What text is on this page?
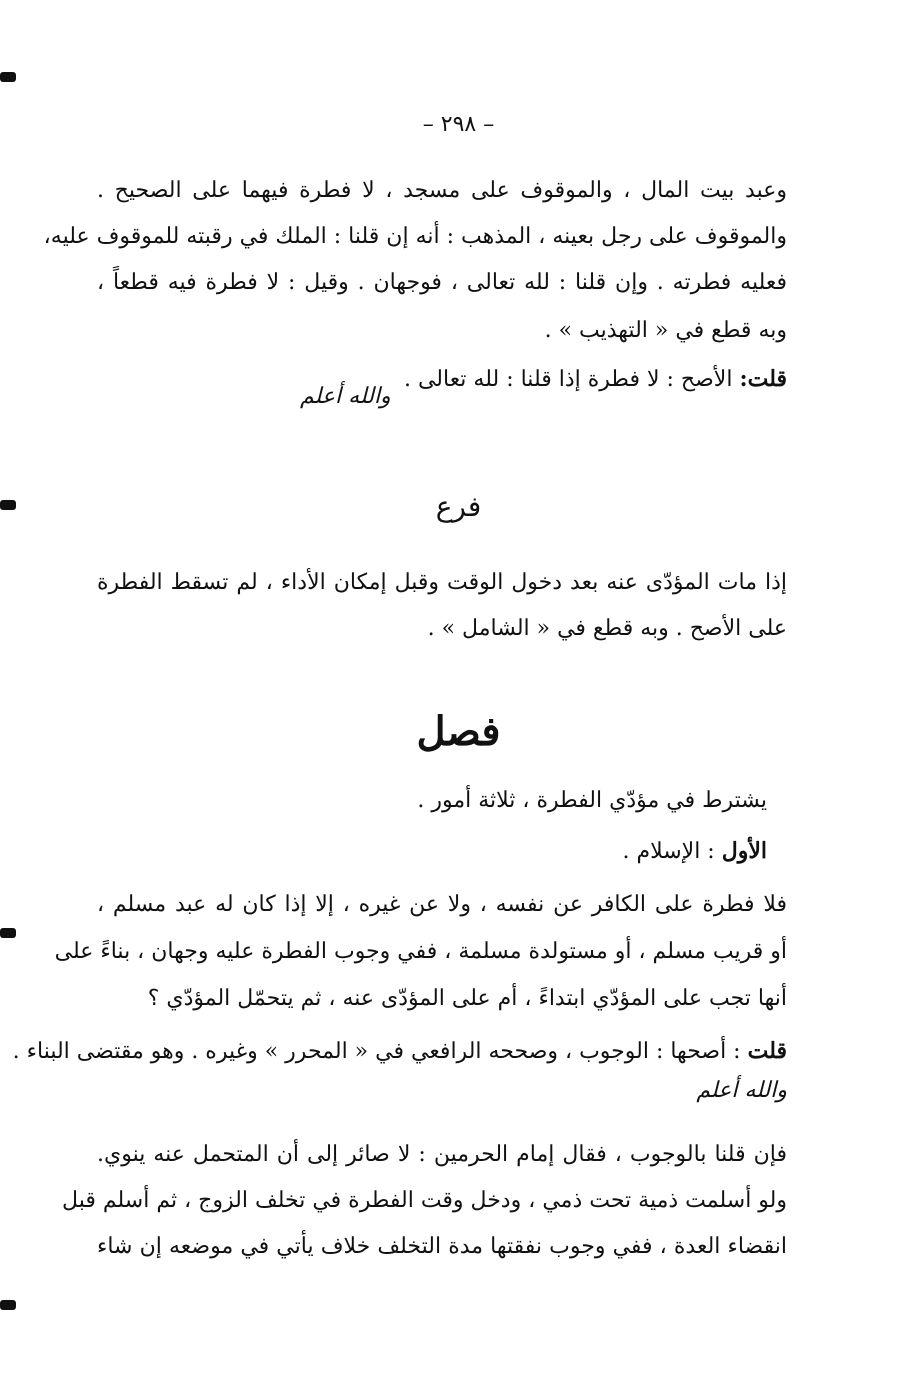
– ٢٩٨ –
وعبد بيت المال ، والموقوف على مسجد ، لا فطرة فيهما على الصحيح .
والموقوف على رجل بعينه ، المذهب : أنه إن قلنا : الملك في رقبته للموقوف عليه،
فعليه فطرته . وإن قلنا : لله تعالى ، فوجهان . وقيل : لا فطرة فيه قطعاً ،
وبه قطع في « التهذيب » .
قلت: الأصح : لا فطرة إذا قلنا : لله تعالى .
والله أعلم
فرع
إذا مات المؤدّى عنه بعد دخول الوقت وقبل إمكان الأداء ، لم تسقط الفطرة
على الأصح . وبه قطع في « الشامل » .
فصل
يشترط في مؤدّي الفطرة ، ثلاثة أمور .
الأول : الإسلام .
فلا فطرة على الكافر عن نفسه ، ولا عن غيره ، إلا إذا كان له عبد مسلم ،
أو قريب مسلم ، أو مستولدة مسلمة ، ففي وجوب الفطرة عليه وجهان ، بناءً على
أنها تجب على المؤدّي ابتداءً ، أم على المؤدّى عنه ، ثم يتحمّل المؤدّي ؟
قلت : أصحها : الوجوب ، وصححه الرافعي في « المحرر » وغيره . وهو مقتضى البناء .
والله أعلم
فإن قلنا بالوجوب ، فقال إمام الحرمين : لا صائر إلى أن المتحمل عنه ينوي.
ولو أسلمت ذمية تحت ذمي ، ودخل وقت الفطرة في تخلف الزوج ، ثم أسلم قبل
انقضاء العدة ، ففي وجوب نفقتها مدة التخلف خلاف يأتي في موضعه إن شاء
